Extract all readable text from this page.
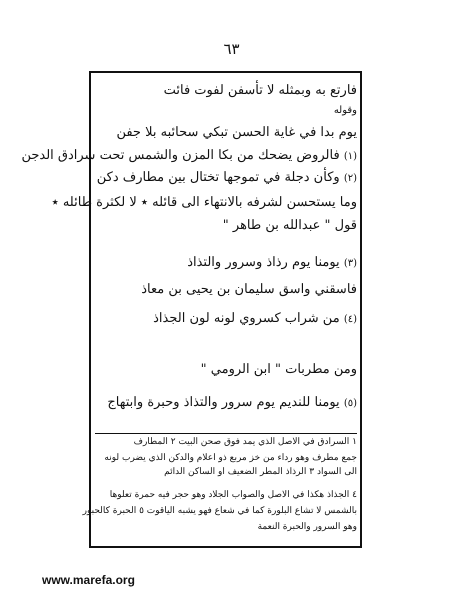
٦٣
فارتع به وبمثله لا تأسفن لفوت فائت
وقوله
يوم بدا في غاية الحسن تبكي سحائبه بلا جفن
(١) فالروض يضحك من بكا المزن والشمس تحت سرادق الدجن
(٢) وكأن دجلة في تموجها تختال بين مطارف دكن
وما يستحسن لشرفه بالانتهاء الى قائله ٭ لا لكثرة طائله ٭
قول " عبدالله بن طاهر "
(٣) يومنا يوم رذاذ وسرور والتذاذ
فاسقني واسق سليمان بن يحيى بن معاذ
(٤) من شراب كسروي لونه لون الجذاذ
ومن مطربات " ابن الرومي "
(٥) يومنا للنديم يوم سرور والتذاذ وحبرة وابتهاج
١ السرادق في الاصل الذي يمد فوق صحن البيت ٢ المطارف
جمع مطرف وهو رداء من خز مربع ذو اعلام والدكن الذي يضرب لونه
الى السواد ٣ الرذاذ المطر الضعيف او الساكن الدائم
٤ الجذاذ هكذا في الاصل والصواب الجلاد وهو حجر فيه حمرة تعلوها
بالشمس لا تشاع البلورة كما في شعاع فهو يشبه الياقوت ٥ الحبرة كالحبور
وهو السرور والحبرة النعمة
www.marefa.org
